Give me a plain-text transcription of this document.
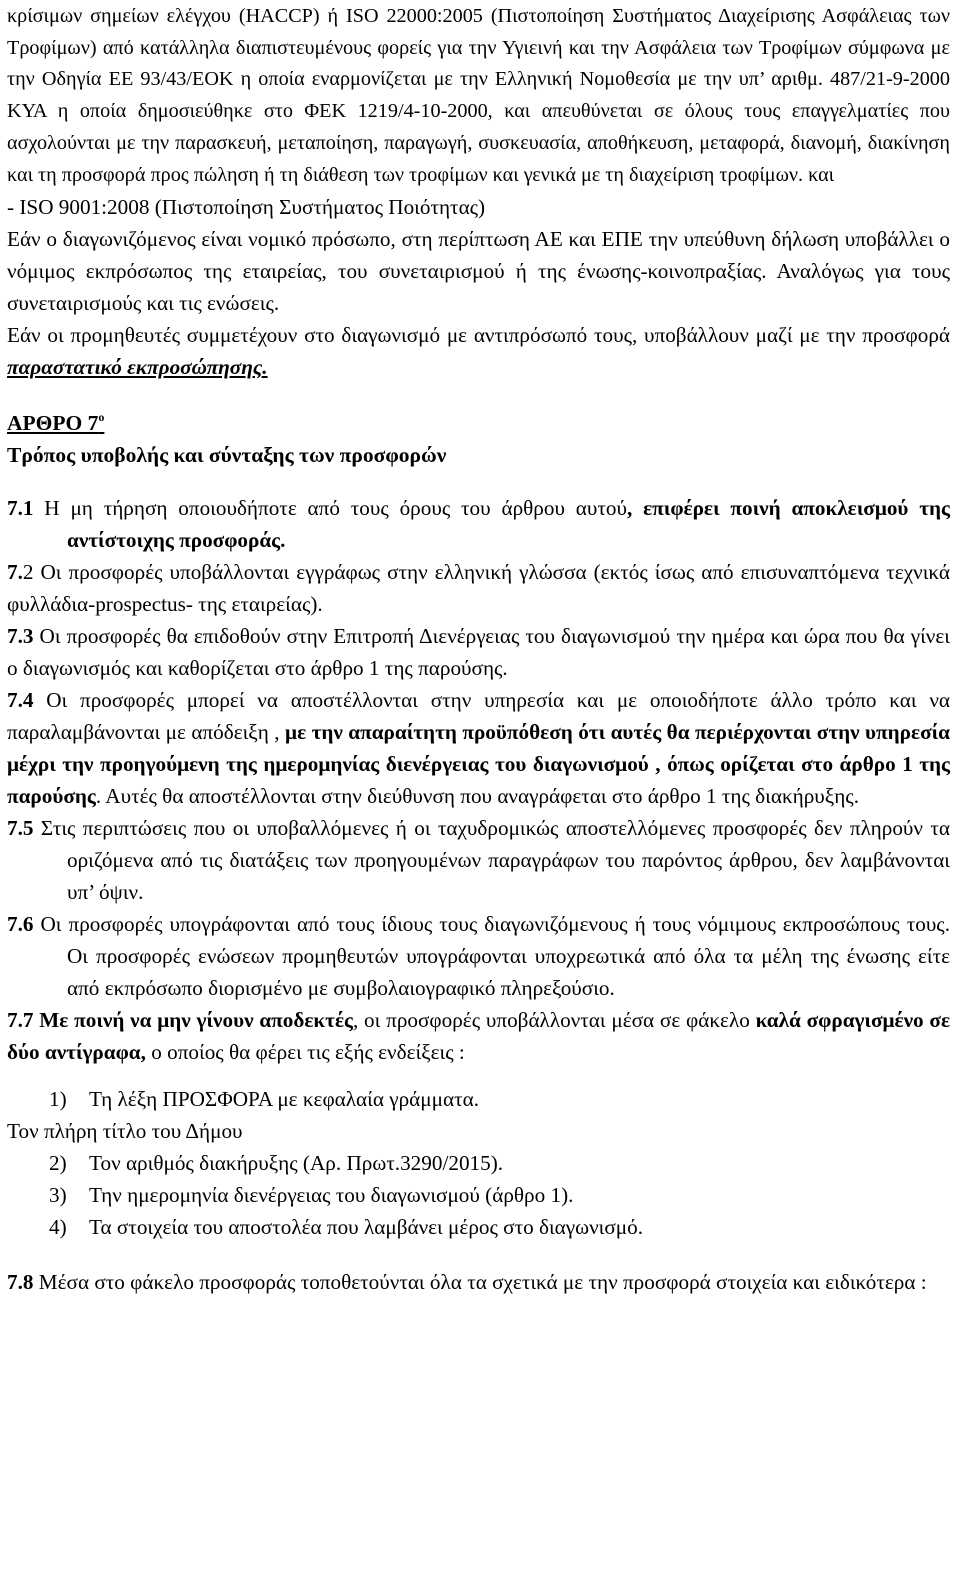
κρίσιμων σημείων ελέγχου (HACCP) ή ISO 22000:2005 (Πιστοποίηση Συστήματος Διαχείρισης Ασφάλειας των Τροφίμων) από κατάλληλα διαπιστευμένους φορείς για την Υγιεινή και την Ασφάλεια των Τροφίμων σύμφωνα με την Οδηγία ΕΕ 93/43/ΕΟΚ η οποία εναρμονίζεται με την Ελληνική Νομοθεσία με την υπ’ αριθμ. 487/21-9-2000 ΚΥΑ η οποία δημοσιεύθηκε στο ΦΕΚ 1219/4-10-2000, και απευθύνεται σε όλους τους επαγγελματίες που ασχολούνται με την παρασκευή, μεταποίηση, παραγωγή, συσκευασία, αποθήκευση, μεταφορά, διανομή, διακίνηση και τη προσφορά προς πώληση ή τη διάθεση των τροφίμων και γενικά με τη διαχείριση τροφίμων. και

- ISO 9001:2008 (Πιστοποίηση Συστήματος Ποιότητας)

Εάν ο διαγωνιζόμενος είναι νομικό πρόσωπο, στη περίπτωση ΑΕ και ΕΠΕ την υπεύθυνη δήλωση υποβάλλει ο νόμιμος εκπρόσωπος της εταιρείας, του συνεταιρισμού ή της ένωσης-κοινοπραξίας. Αναλόγως για τους συνεταιρισμούς και τις ενώσεις.

Εάν οι προμηθευτές συμμετέχουν στο διαγωνισμό με αντιπρόσωπό τους, υποβάλλουν μαζί με την προσφορά παραστατικό εκπροσώπησης.

ΑΡΘΡΟ $7^o$
Τρόπος υποβολής και σύνταξης των προσφορών

7.1 Η μη τήρηση οποιουδήποτε από τους όρους του άρθρου αυτού, επιφέρει ποινή αποκλεισμού της αντίστοιχης προσφοράς.

7.2 Οι προσφορές υποβάλλονται εγγράφως στην ελληνική γλώσσα (εκτός ίσως από επισυναπτόμενα τεχνικά φυλλάδια-prospectus- της εταιρείας).

7.3 Οι προσφορές θα επιδοθούν στην Επιτροπή Διενέργειας του διαγωνισμού την ημέρα και ώρα που θα γίνει ο διαγωνισμός και καθορίζεται στο άρθρο 1 της παρούσης.

7.4 Οι προσφορές μπορεί να αποστέλλονται στην υπηρεσία και με οποιοδήποτε άλλο τρόπο και να παραλαμβάνονται με απόδειξη , με την απαραίτητη προϋπόθεση ότι αυτές θα περιέρχονται στην υπηρεσία μέχρι την προηγούμενη της ημερομηνίας διενέργειας του διαγωνισμού , όπως ορίζεται στο άρθρο 1 της παρούσης. Αυτές θα αποστέλλονται στην διεύθυνση που αναγράφεται στο άρθρο 1 της διακήρυξης.

7.5 Στις περιπτώσεις που οι υποβαλλόμενες ή οι ταχυδρομικώς αποστελλόμενες προσφορές δεν πληρούν τα οριζόμενα από τις διατάξεις των προηγουμένων παραγράφων του παρόντος άρθρου, δεν λαμβάνονται υπ’ όψιν.

7.6 Οι προσφορές υπογράφονται από τους ίδιους τους διαγωνιζόμενους ή τους νόμιμους εκπροσώπους τους. Οι προσφορές ενώσεων προμηθευτών υπογράφονται υποχρεωτικά από όλα τα μέλη της ένωσης είτε από εκπρόσωπο διορισμένο με συμβολαιογραφικό πληρεξούσιο.

7.7 Με ποινή να μην γίνουν αποδεκτές, οι προσφορές υποβάλλονται μέσα σε φάκελο καλά σφραγισμένο σε δύο αντίγραφα, ο οποίος θα φέρει τις εξής ενδείξεις :

1) Τη λέξη ΠΡΟΣΦΟΡΑ με κεφαλαία γράμματα.

Τον πλήρη τίτλο του Δήμου

2) Τον αριθμός διακήρυξης (Αρ. Πρωτ.3290/2015).
3) Την ημερομηνία διενέργειας του διαγωνισμού (άρθρο 1).
4) Τα στοιχεία του αποστολέα που λαμβάνει μέρος στο διαγωνισμό.

7.8 Μέσα στο φάκελο προσφοράς τοποθετούνται όλα τα σχετικά με την προσφορά στοιχεία και ειδικότερα :
